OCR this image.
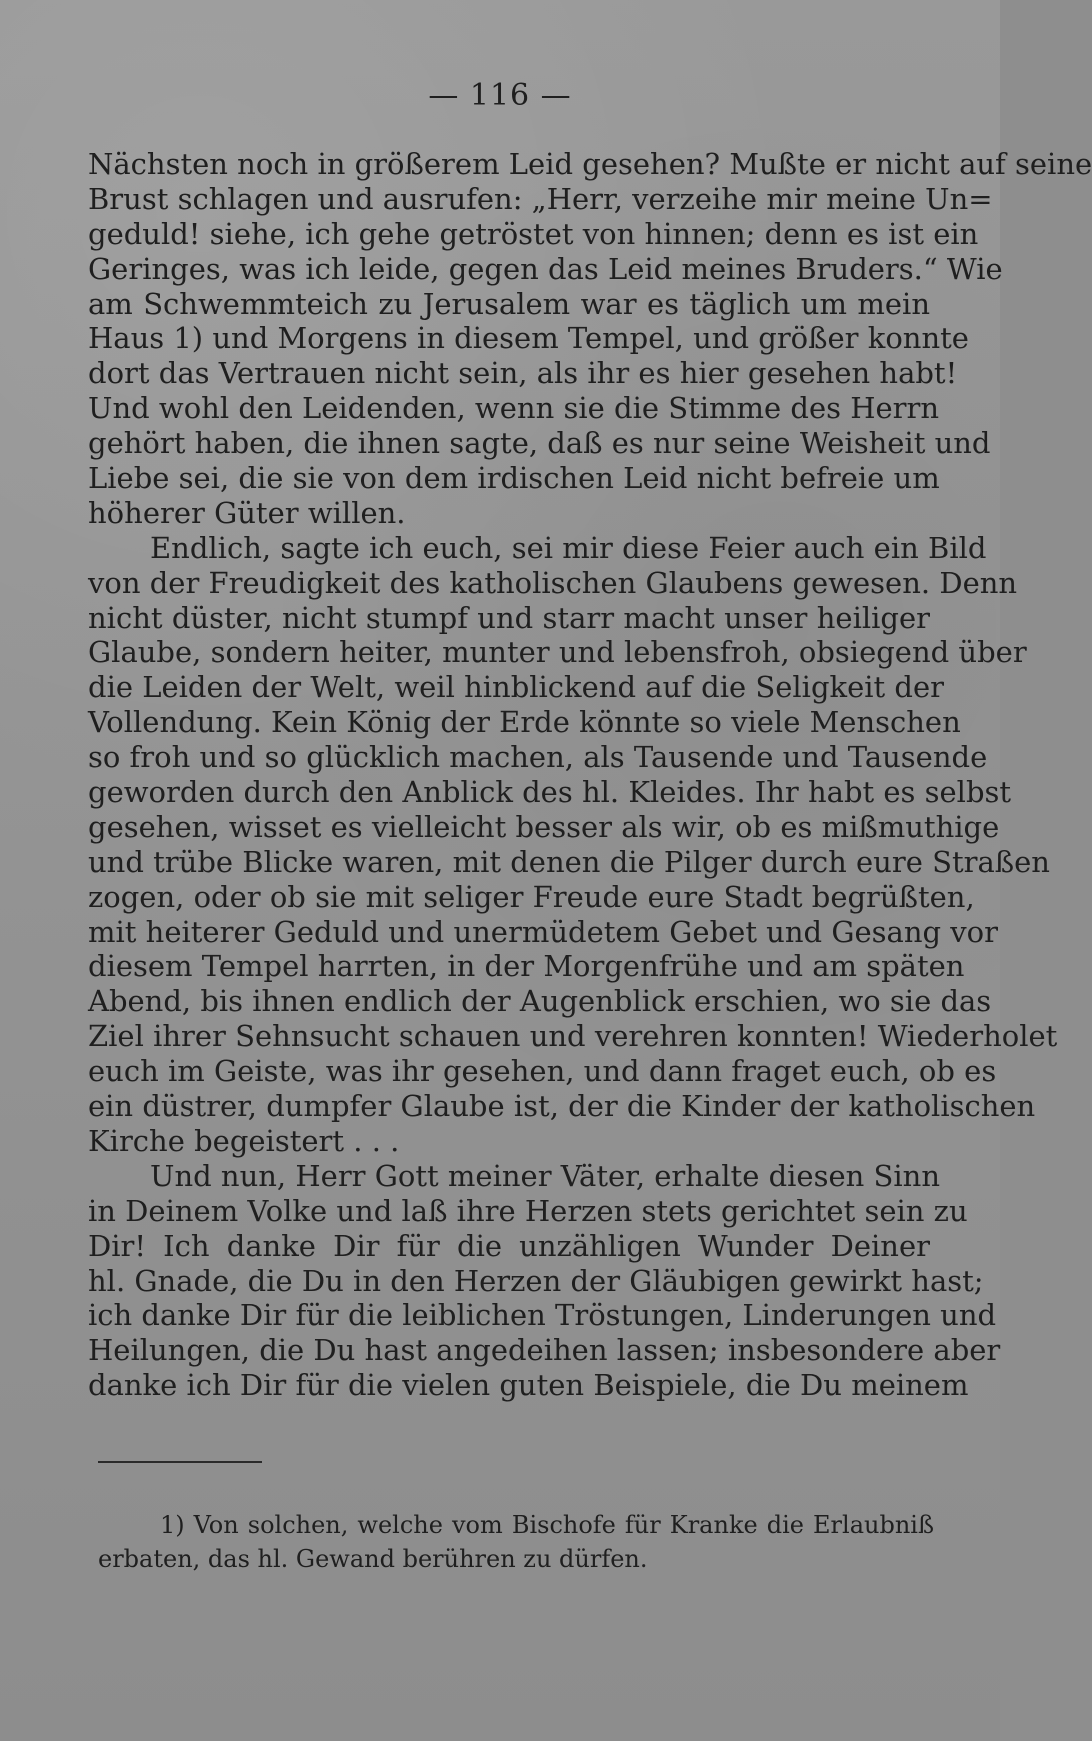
— 116 —
Nächsten noch in größerem Leid gesehen? Mußte er nicht auf seine
Brust schlagen und ausrufen: „Herr, verzeihe mir meine Un=
geduld! siehe, ich gehe getröstet von hinnen; denn es ist ein
Geringes, was ich leide, gegen das Leid meines Bruders.“ Wie
am Schwemmteich zu Jerusalem war es täglich um mein
Haus 1) und Morgens in diesem Tempel, und größer konnte
dort das Vertrauen nicht sein, als ihr es hier gesehen habt!
Und wohl den Leidenden, wenn sie die Stimme des Herrn
gehört haben, die ihnen sagte, daß es nur seine Weisheit und
Liebe sei, die sie von dem irdischen Leid nicht befreie um
höherer Güter willen.
Endlich, sagte ich euch, sei mir diese Feier auch ein Bild
von der Freudigkeit des katholischen Glaubens gewesen. Denn
nicht düster, nicht stumpf und starr macht unser heiliger
Glaube, sondern heiter, munter und lebensfroh, obsiegend über
die Leiden der Welt, weil hinblickend auf die Seligkeit der
Vollendung. Kein König der Erde könnte so viele Menschen
so froh und so glücklich machen, als Tausende und Tausende
geworden durch den Anblick des hl. Kleides. Ihr habt es selbst
gesehen, wisset es vielleicht besser als wir, ob es mißmuthige
und trübe Blicke waren, mit denen die Pilger durch eure Straßen
zogen, oder ob sie mit seliger Freude eure Stadt begrüßten,
mit heiterer Geduld und unermüdetem Gebet und Gesang vor
diesem Tempel harrten, in der Morgenfrühe und am späten
Abend, bis ihnen endlich der Augenblick erschien, wo sie das
Ziel ihrer Sehnsucht schauen und verehren konnten! Wiederholet
euch im Geiste, was ihr gesehen, und dann fraget euch, ob es
ein düstrer, dumpfer Glaube ist, der die Kinder der katholischen
Kirche begeistert . . .
Und nun, Herr Gott meiner Väter, erhalte diesen Sinn
in Deinem Volke und laß ihre Herzen stets gerichtet sein zu
Dir! Ich danke Dir für die unzähligen Wunder Deiner
hl. Gnade, die Du in den Herzen der Gläubigen gewirkt hast;
ich danke Dir für die leiblichen Tröstungen, Linderungen und
Heilungen, die Du hast angedeihen lassen; insbesondere aber
danke ich Dir für die vielen guten Beispiele, die Du meinem
1) Von solchen, welche vom Bischofe für Kranke die Erlaubniß
erbaten, das hl. Gewand berühren zu dürfen.
